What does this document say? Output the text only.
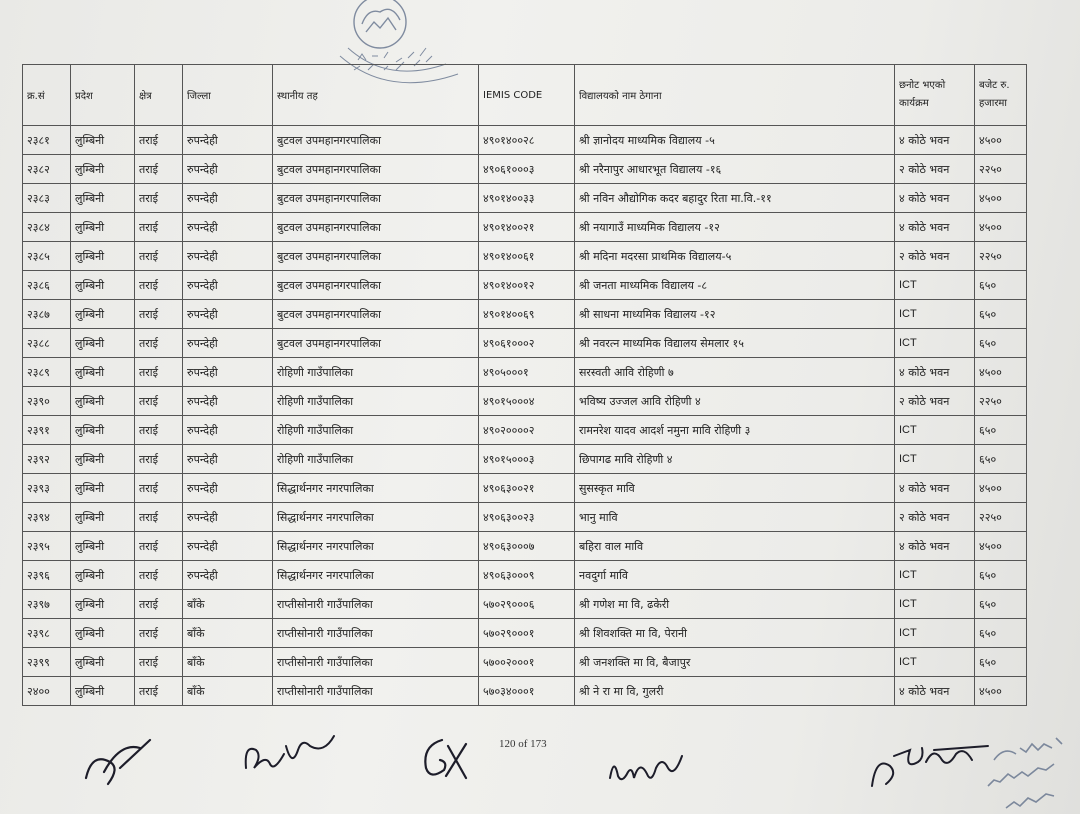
क्र.सं	प्रदेश	क्षेत्र	जिल्ला	स्थानीय तह	IEMIS CODE	विद्यालयको नाम ठेगाना	छनोट भएको कार्यक्रम	बजेट रु. हजारमा
२३८१	लुम्बिनी	तराई	रुपन्देही	बुटवल उपमहानगरपालिका	४९०१४००२८	श्री ज्ञानोदय माध्यमिक विद्यालय -५	४ कोठे भवन	४५००
२३८२	लुम्बिनी	तराई	रुपन्देही	बुटवल उपमहानगरपालिका	४९०६१०००३	श्री नरैनापुर आधारभूत विद्यालय -१६	२ कोठे भवन	२२५०
२३८३	लुम्बिनी	तराई	रुपन्देही	बुटवल उपमहानगरपालिका	४९०१४००३३	श्री नविन औद्योगिक कदर बहादुर रिता मा.वि.-११	४ कोठे भवन	४५००
२३८४	लुम्बिनी	तराई	रुपन्देही	बुटवल उपमहानगरपालिका	४९०१४००२१	श्री नयागाउँ माध्यमिक विद्यालय -१२	४ कोठे भवन	४५००
२३८५	लुम्बिनी	तराई	रुपन्देही	बुटवल उपमहानगरपालिका	४९०१४००६१	श्री मदिना मदरसा प्राथमिक विद्यालय-५	२ कोठे भवन	२२५०
२३८६	लुम्बिनी	तराई	रुपन्देही	बुटवल उपमहानगरपालिका	४९०१४००१२	श्री जनता माध्यमिक विद्यालय -८	ICT	६५०
२३८७	लुम्बिनी	तराई	रुपन्देही	बुटवल उपमहानगरपालिका	४९०१४००६९	श्री साधना माध्यमिक विद्यालय -१२	ICT	६५०
२३८८	लुम्बिनी	तराई	रुपन्देही	बुटवल उपमहानगरपालिका	४९०६१०००२	श्री नवरत्न माध्यमिक विद्यालय सेमलार १५	ICT	६५०
२३८९	लुम्बिनी	तराई	रुपन्देही	रोहिणी गाउँपालिका	४९०५०००१	सरस्वती आवि रोहिणी ७	४ कोठे भवन	४५००
२३९०	लुम्बिनी	तराई	रुपन्देही	रोहिणी गाउँपालिका	४९०१५०००४	भविष्य उज्जल आवि रोहिणी ४	२ कोठे भवन	२२५०
२३९१	लुम्बिनी	तराई	रुपन्देही	रोहिणी गाउँपालिका	४९०२००००२	रामनरेश यादव आदर्श नमुना मावि रोहिणी ३	ICT	६५०
२३९२	लुम्बिनी	तराई	रुपन्देही	रोहिणी गाउँपालिका	४९०१५०००३	छिपागढ मावि रोहिणी ४	ICT	६५०
२३९३	लुम्बिनी	तराई	रुपन्देही	सिद्धार्थनगर नगरपालिका	४९०६३००२१	सुसस्कृत मावि	४ कोठे भवन	४५००
२३९४	लुम्बिनी	तराई	रुपन्देही	सिद्धार्थनगर नगरपालिका	४९०६३००२३	भानु मावि	२ कोठे भवन	२२५०
२३९५	लुम्बिनी	तराई	रुपन्देही	सिद्धार्थनगर नगरपालिका	४९०६३०००७	बहिरा वाल मावि	४ कोठे भवन	४५००
२३९६	लुम्बिनी	तराई	रुपन्देही	सिद्धार्थनगर नगरपालिका	४९०६३०००९	नवदुर्गा मावि	ICT	६५०
२३९७	लुम्बिनी	तराई	बाँके	राप्तीसोनारी गाउँपालिका	५७०२९०००६	श्री गणेश मा वि, ढकेरी	ICT	६५०
२३९८	लुम्बिनी	तराई	बाँके	राप्तीसोनारी गाउँपालिका	५७०२९०००१	श्री शिवशक्ति मा वि, पेरानी	ICT	६५०
२३९९	लुम्बिनी	तराई	बाँके	राप्तीसोनारी गाउँपालिका	५७००२०००१	श्री जनशक्ति मा वि, बैजापुर	ICT	६५०
२४००	लुम्बिनी	तराई	बाँके	राप्तीसोनारी गाउँपालिका	५७०३४०००१	श्री ने रा मा वि, गुलरी	४ कोठे भवन	४५००
120 of 173
